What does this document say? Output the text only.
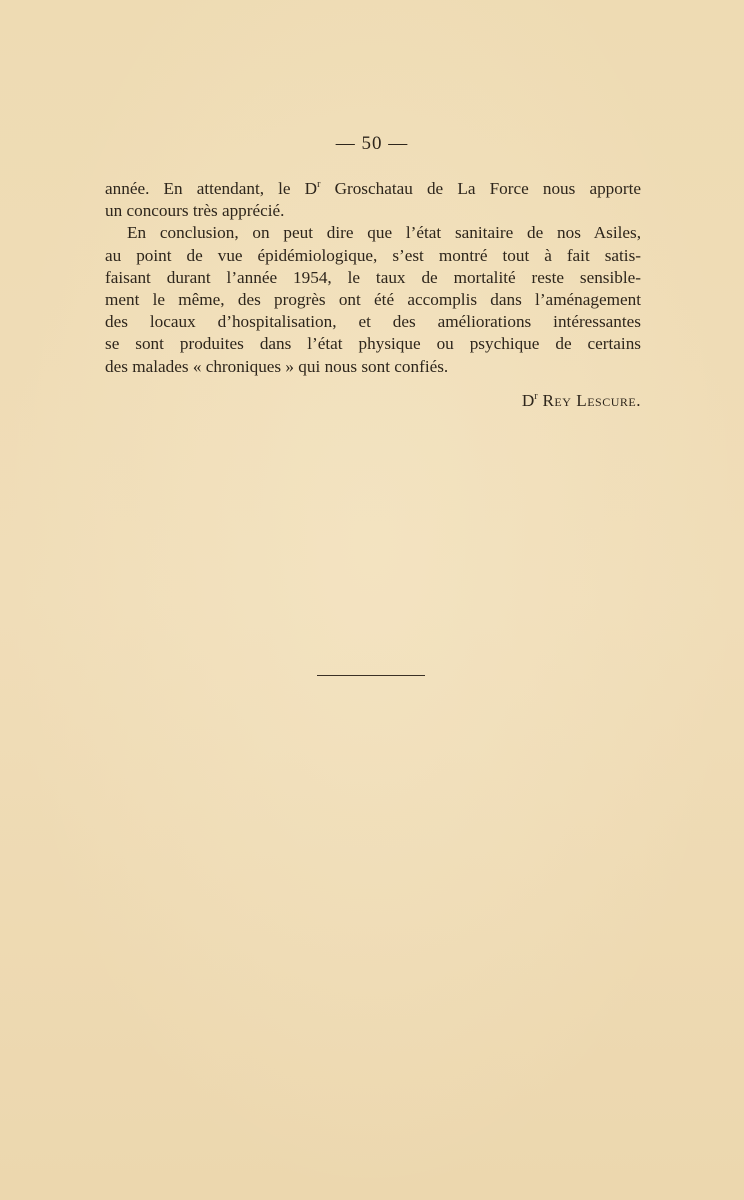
— 50 —
année. En attendant, le $D^r$ Groschatau de La Force nous apporte
un concours très apprécié.
En conclusion, on peut dire que l’état sanitaire de nos Asiles,
au point de vue épidémiologique, s’est montré tout à fait satis-
faisant durant l’année 1954, le taux de mortalité reste sensible-
ment le même, des progrès ont été accomplis dans l’aménagement
des locaux d’hospitalisation, et des améliorations intéressantes
se sont produites dans l’état physique ou psychique de certains
des malades « chroniques » qui nous sont confiés.
$D^r$ Rey Lescure.
